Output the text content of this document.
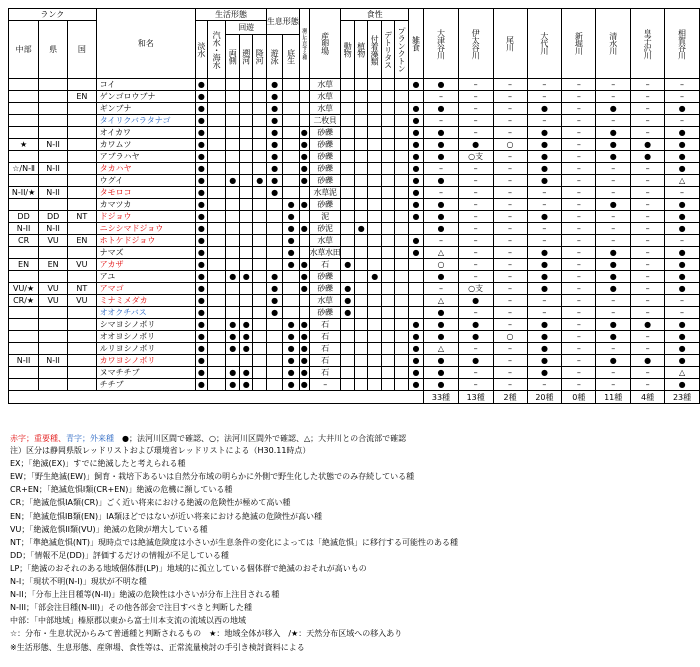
ランク			和名	生活形態					生息形態		瀬に生息する種	産卵場	食性					雑食	大津谷川	伊太谷川	尾川	大代川	新堀川	清水川	皇子沢川	相賀谷川

中部	県	国		淡水	汽水・海水	回遊							動物	植物	付着藻類	デトリタス	プランクトン									

						両側	遡河	降河	遊泳	底生																

			コイ	●					●			水草						●	●	–	–	–	–	–	–	–
		EN	ゲンゴロウブナ	●					●			水草							–	–	–	–	–	–	–	–
			ギンブナ	●					●			水草						●	●	–	–	●	–	●	–	●
			タイリクバラタナゴ	●					●			二枚貝						●	–	–	–	–	–	–	–	–
			オイカワ	●					●		●	砂礫						●	●	–	–	●	–	●	–	●
★	N-II		カワムツ	●					●		●	砂礫						●	●	●	○	●	–	●	●	●
			アブラハヤ	●					●		●	砂礫						●	●	○支	–	●	–	●	●	●
☆/N-Ⅱ	N-II		タカハヤ	●					●		●	砂礫						●	–	–	–	●	–	–	–	●
			ウグイ	●		●		●	●		●	砂礫						●	●	–	–	●	–	–	–	△
N-II/★	N-II		タモロコ	●					●			水草泥						●	–	–	–	–	–	–	–	–
			カマツカ	●						●	●	砂礫						●	●	–	–	–	–	●	–	●
DD	DD	NT	ドジョウ	●						●		泥						●	●	–	–	●	–	–	–	●
N-II	N-II		ニシシマドジョウ	●						●	●	砂泥		●					●	–	–	–	–	–	–	●
CR	VU	EN	ホトケドジョウ	●						●		水草						●	–	–	–	–	–	–	–	–
			ナマズ	●						●		水草水田						●	△	–	–	●	–	●	–	●
EN	EN	VU	アカザ	●						●	●	石	●						○	–	–	●	–	●	–	●
			アユ	●		●	●		●		●	砂礫			●				●	–	–	●	–	●	–	●
VU/★	VU	NT	アマゴ	●					●		●	砂礫	●						–	○支	–	●	–	●	–	●
CR/★	VU	VU	ミナミメダカ	●					●			水草	●						△	●	–	–	–	–	–	–
			オオクチバス	●					●			砂礫	●						●	–	–	–	–	–	–	–
			シマヨシノボリ	●		●	●			●	●	石						●	●	●	–	●	–	●	●	●
			オオヨシノボリ	●		●	●			●	●	石						●	●	●	○	●	–	●	–	●
			ルリヨシノボリ	●		●	●			●	●	石						●	△	–	–	●	–	–	–	●
N-II	N-II		カワヨシノボリ	●						●	●	石						●	●	●	–	●	–	●	●	●
			ヌマチチブ	●		●	●			●	●	石						●	●	–	–	●	–	–	–	△
			チチブ	●		●	●			●	●	–						●	●	–	–	–	–	–	–	●
																			33種	13種	2種	20種	0種	11種	4種	23種
赤字；重要種、青字；外来種　 ●；法河川区間で確認、○；法河川区間外で確認、△；大井川との合流部で確認
注）区分は静岡県版レッドリストおよび環境省レッドリストによる（H30.11時点）
EX；「絶滅(EX)」すでに絶滅したと考えられる種
EW；「野生絶滅(EW)」飼育・栽培下あるいは自然分布域の明らかに外側で野生化した状態でのみ存続している種
CR+EN；「絶滅危惧Ⅰ類(CR+EN)」絶滅の危機に瀕している種
CR；「絶滅危惧IA類(CR)」ごく近い将来における絶滅の危険性が極めて高い種
EN；「絶滅危惧IB類(EN)」IA類ほどではないが近い将来における絶滅の危険性が高い種
VU；「絶滅危惧II類(VU)」絶滅の危険が増大している種
NT；「準絶滅危惧(NT)」現時点では絶滅危険度は小さいが生息条件の変化によっては「絶滅危惧」に移行する可能性のある種
DD；「情報不足(DD)」評価するだけの情報が不足している種
LP；「絶滅のおそれのある地域個体群(LP)」地域的に孤立している個体群で絶滅のおそれが高いもの
N-I；「現状不明(N-I)」現状が不明な種
N-II；「分布上注目種等(N-II)」絶滅の危険性は小さいが分布上注目される種
N-III；「部会注目種(N-III)」その他各部会で注目すべきと判断した種
中部：「中部地域」榛原郡以東から富士川本支流の流域以西の地域
☆：分布・生息状況からみて普通種と判断されるもの　★：地域全体が移入　/★：天然分布区域への移入あり
※生活形態、生息形態、産卵場、食性等は、正常流量検討の手引き検討資料による
